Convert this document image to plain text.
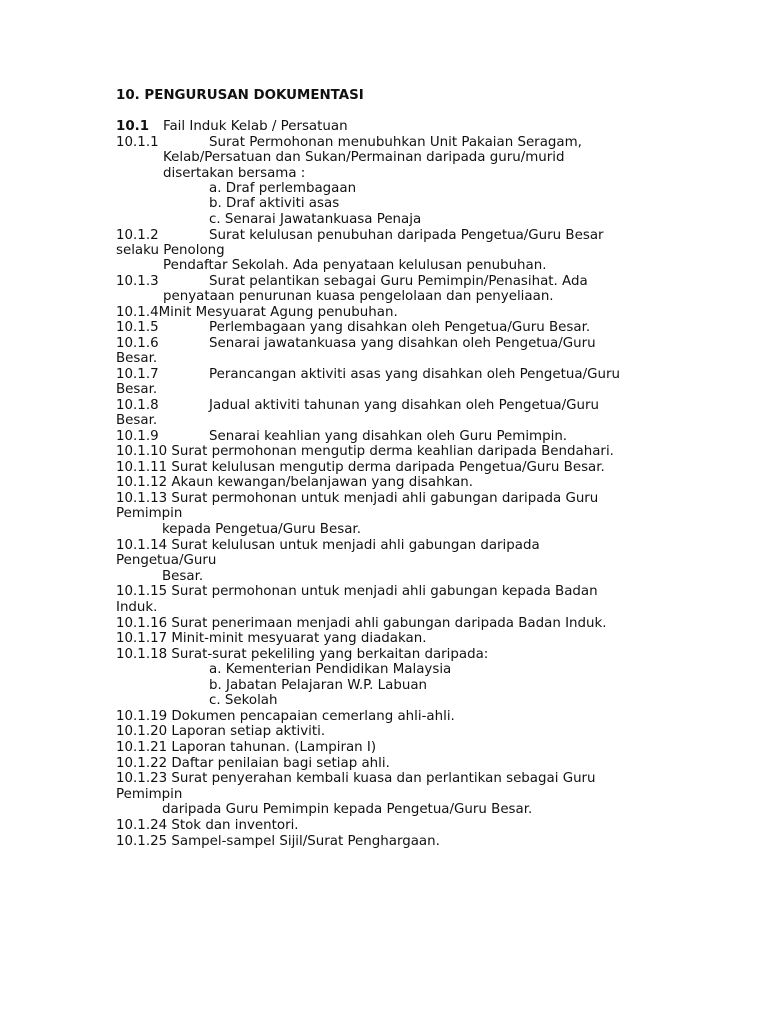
10. PENGURUSAN DOKUMENTASI
10.1 Fail Induk Kelab / Persatuan
10.1.1	Surat Permohonan menubuhkan Unit Pakaian Seragam,
Kelab/Persatuan dan Sukan/Permainan daripada guru/murid
disertakan bersama :
a. Draf perlembagaan
b. Draf aktiviti asas
c. Senarai Jawatankuasa Penaja
10.1.2	Surat kelulusan penubuhan daripada Pengetua/Guru Besar
selaku Penolong
Pendaftar Sekolah. Ada penyataan kelulusan penubuhan.
10.1.3	Surat pelantikan sebagai Guru Pemimpin/Penasihat. Ada
penyataan penurunan kuasa pengelolaan dan penyeliaan.
10.1.4Minit Mesyuarat Agung penubuhan.
10.1.5	Perlembagaan yang disahkan oleh Pengetua/Guru Besar.
10.1.6	Senarai jawatankuasa yang disahkan oleh Pengetua/Guru
Besar.
10.1.7	Perancangan aktiviti asas yang disahkan oleh Pengetua/Guru
Besar.
10.1.8	Jadual aktiviti tahunan yang disahkan oleh Pengetua/Guru
Besar.
10.1.9	Senarai keahlian yang disahkan oleh Guru Pemimpin.
10.1.10 Surat permohonan mengutip derma keahlian daripada Bendahari.
10.1.11 Surat kelulusan mengutip derma daripada Pengetua/Guru Besar.
10.1.12 Akaun kewangan/belanjawan yang disahkan.
10.1.13 Surat permohonan untuk menjadi ahli gabungan daripada Guru
Pemimpin
kepada Pengetua/Guru Besar.
10.1.14 Surat kelulusan untuk menjadi ahli gabungan daripada
Pengetua/Guru
Besar.
10.1.15 Surat permohonan untuk menjadi ahli gabungan kepada Badan
Induk.
10.1.16 Surat penerimaan menjadi ahli gabungan daripada Badan Induk.
10.1.17 Minit-minit mesyuarat yang diadakan.
10.1.18 Surat-surat pekeliling yang berkaitan daripada:
a. Kementerian Pendidikan Malaysia
b. Jabatan Pelajaran W.P. Labuan
c. Sekolah
10.1.19 Dokumen pencapaian cemerlang ahli-ahli.
10.1.20 Laporan setiap aktiviti.
10.1.21 Laporan tahunan. (Lampiran I)
10.1.22 Daftar penilaian bagi setiap ahli.
10.1.23 Surat penyerahan kembali kuasa dan perlantikan sebagai Guru
Pemimpin
daripada Guru Pemimpin kepada Pengetua/Guru Besar.
10.1.24 Stok dan inventori.
10.1.25 Sampel-sampel Sijil/Surat Penghargaan.
